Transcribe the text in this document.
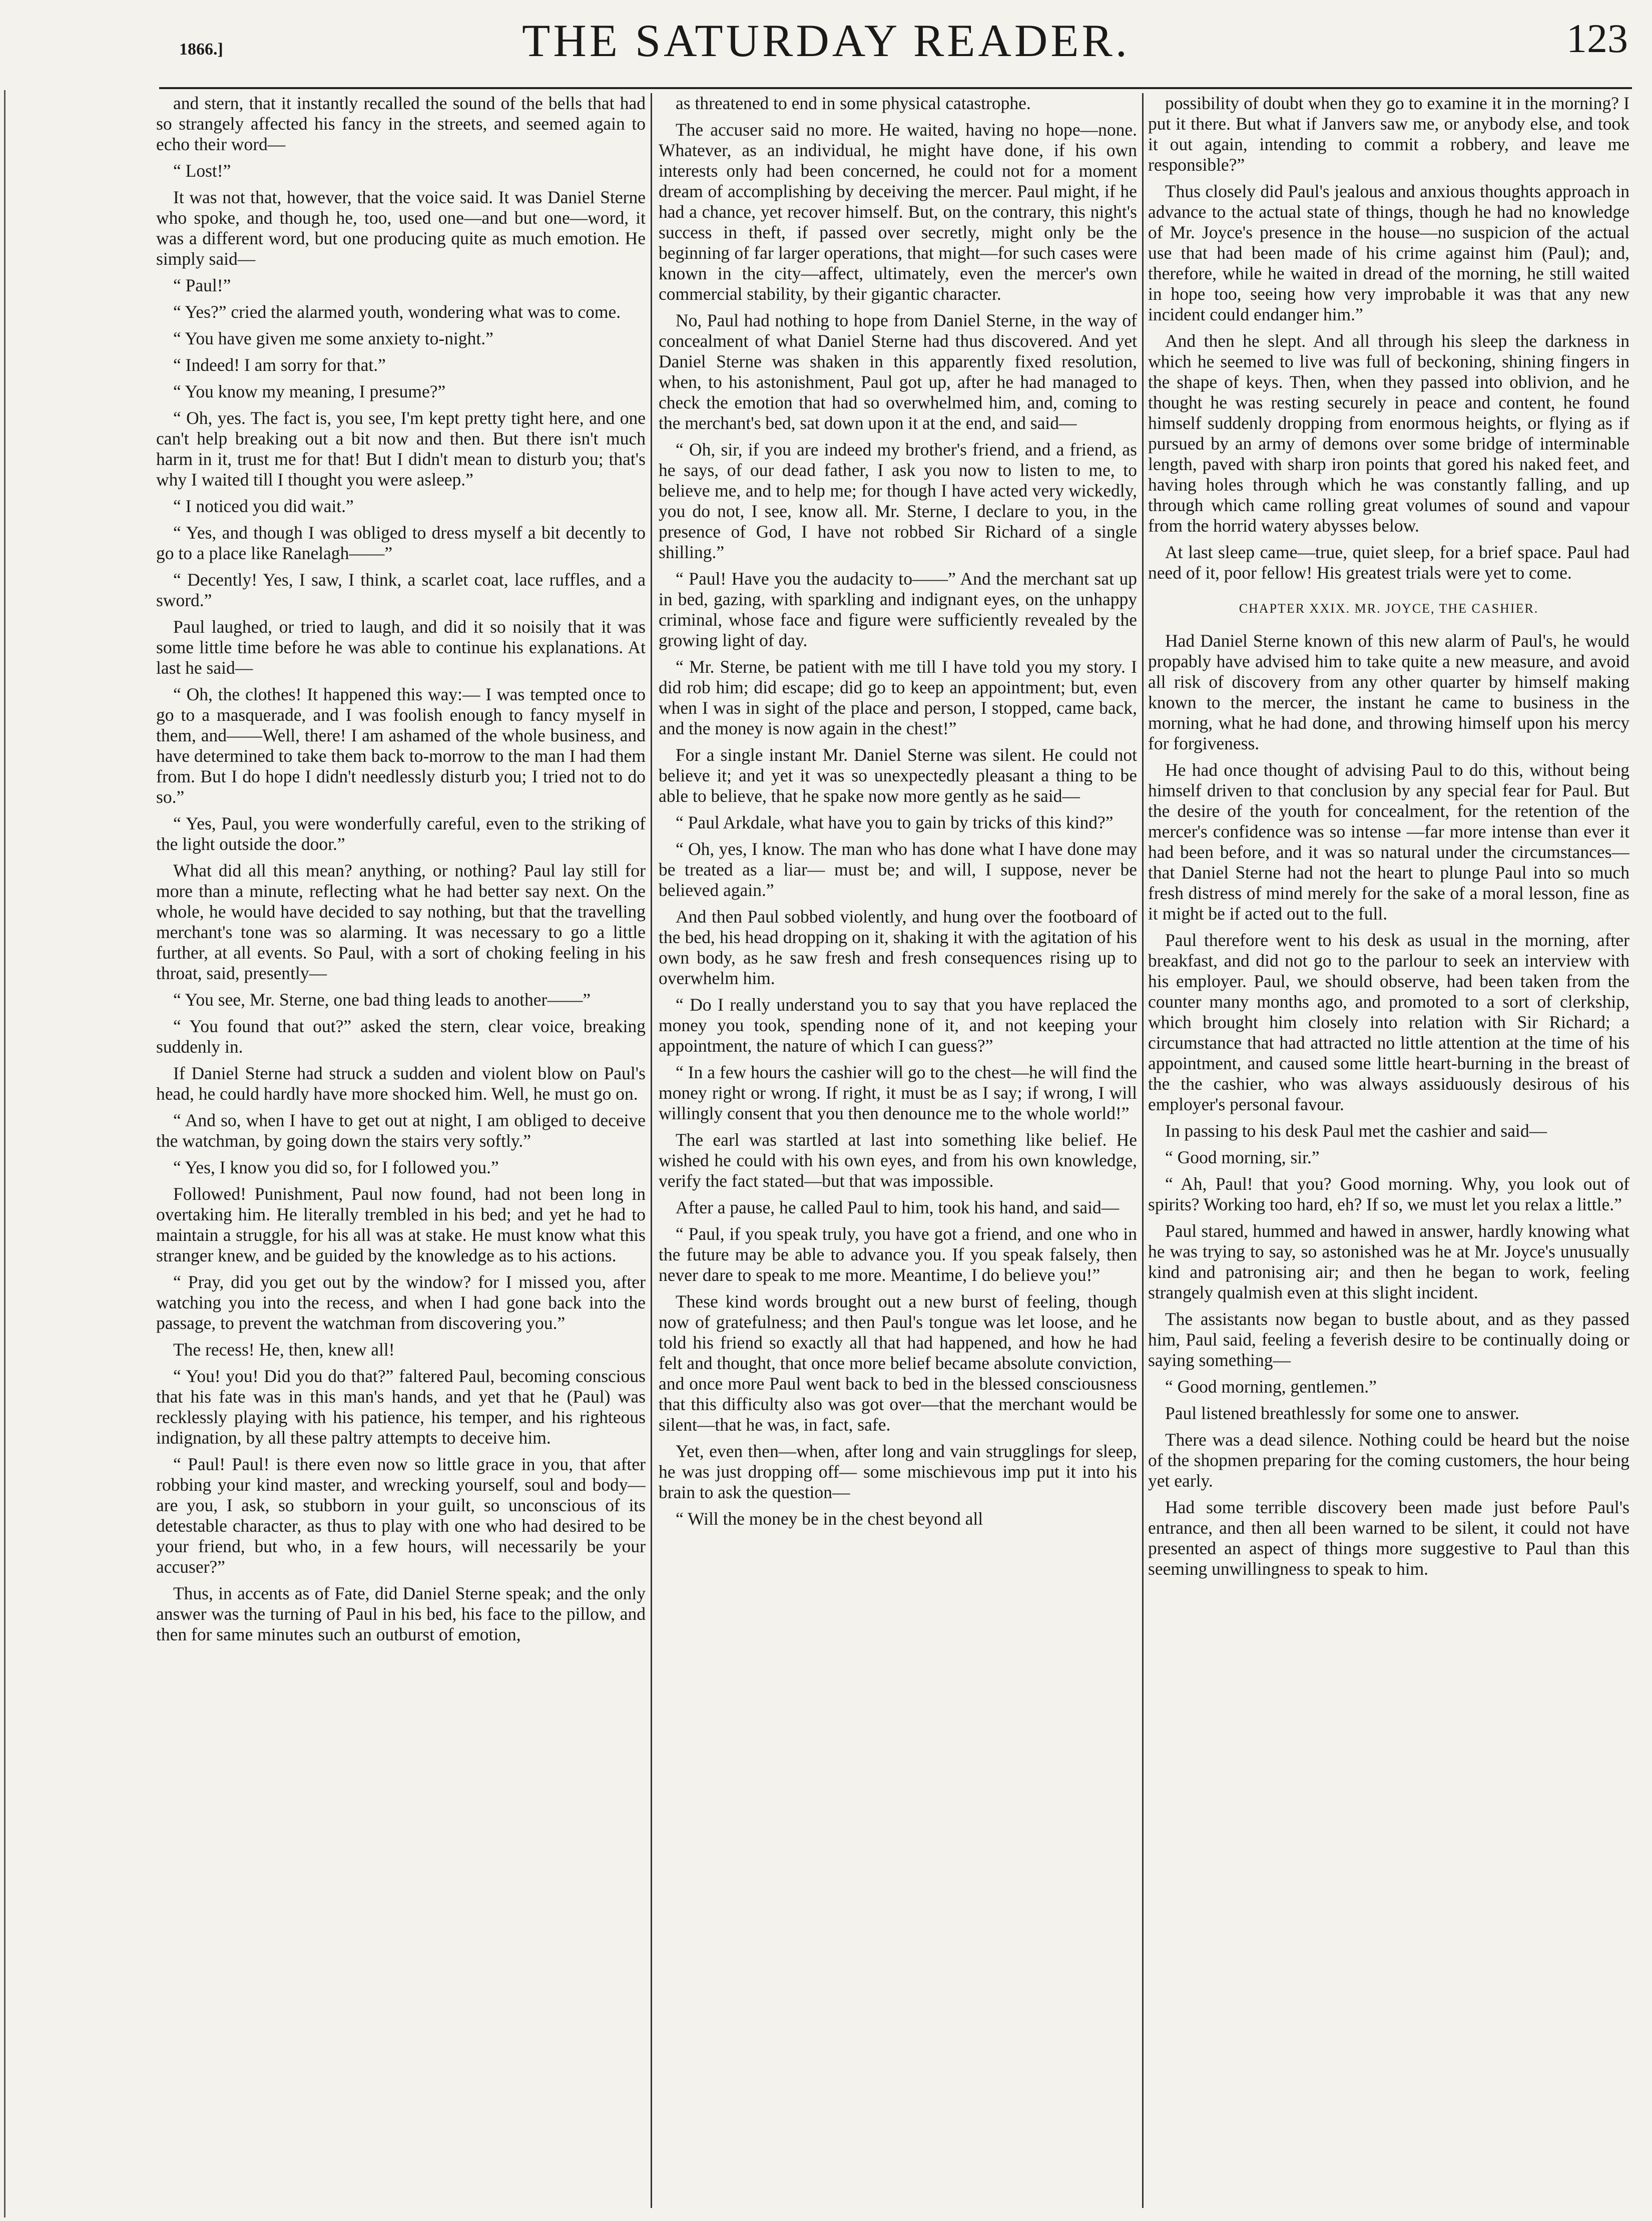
1866.]	THE SATURDAY READER.	123

and stern, that it instantly recalled the sound of the bells that had so strangely affected his fancy in the streets, and seemed again to echo their word—

“ Lost!”

It was not that, however, that the voice said. It was Daniel Sterne who spoke, and though he, too, used one—and but one—word, it was a different word, but one producing quite as much emotion. He simply said—

“ Paul!”

“ Yes?” cried the alarmed youth, wondering what was to come.

“ You have given me some anxiety to-night.”

“ Indeed! I am sorry for that.”

“ You know my meaning, I presume?”

“ Oh, yes. The fact is, you see, I'm kept pretty tight here, and one can't help breaking out a bit now and then. But there isn't much harm in it, trust me for that! But I didn't mean to disturb you; that's why I waited till I thought you were asleep.”

“ I noticed you did wait.”

“ Yes, and though I was obliged to dress myself a bit decently to go to a place like Ranelagh——”

“ Decently! Yes, I saw, I think, a scarlet coat, lace ruffles, and a sword.”

Paul laughed, or tried to laugh, and did it so noisily that it was some little time before he was able to continue his explanations. At last he said—

“ Oh, the clothes! It happened this way:— I was tempted once to go to a masquerade, and I was foolish enough to fancy myself in them, and——Well, there! I am ashamed of the whole business, and have determined to take them back to-morrow to the man I had them from. But I do hope I didn't needlessly disturb you; I tried not to do so.”

“ Yes, Paul, you were wonderfully careful, even to the striking of the light outside the door.”

What did all this mean? anything, or nothing? Paul lay still for more than a minute, reflecting what he had better say next. On the whole, he would have decided to say nothing, but that the travelling merchant's tone was so alarming. It was necessary to go a little further, at all events. So Paul, with a sort of choking feeling in his throat, said, presently—

“ You see, Mr. Sterne, one bad thing leads to another——”

“ You found that out?” asked the stern, clear voice, breaking suddenly in.

If Daniel Sterne had struck a sudden and violent blow on Paul's head, he could hardly have more shocked him. Well, he must go on.

“ And so, when I have to get out at night, I am obliged to deceive the watchman, by going down the stairs very softly.”

“ Yes, I know you did so, for I followed you.”

Followed! Punishment, Paul now found, had not been long in overtaking him. He literally trembled in his bed; and yet he had to maintain a struggle, for his all was at stake. He must know what this stranger knew, and be guided by the knowledge as to his actions.

“ Pray, did you get out by the window? for I missed you, after watching you into the recess, and when I had gone back into the passage, to prevent the watchman from discovering you.”

The recess! He, then, knew all!

“ You! you! Did you do that?” faltered Paul, becoming conscious that his fate was in this man's hands, and yet that he (Paul) was recklessly playing with his patience, his temper, and his righteous indignation, by all these paltry attempts to deceive him.

“ Paul! Paul! is there even now so little grace in you, that after robbing your kind master, and wrecking yourself, soul and body— are you, I ask, so stubborn in your guilt, so unconscious of its detestable character, as thus to play with one who had desired to be your friend, but who, in a few hours, will necessarily be your accuser?”

Thus, in accents as of Fate, did Daniel Sterne speak; and the only answer was the turning of Paul in his bed, his face to the pillow, and then for same minutes such an outburst of emotion,

as threatened to end in some physical catastrophe.

The accuser said no more. He waited, having no hope—none. Whatever, as an individual, he might have done, if his own interests only had been concerned, he could not for a moment dream of accomplishing by deceiving the mercer. Paul might, if he had a chance, yet recover himself. But, on the contrary, this night's success in theft, if passed over secretly, might only be the beginning of far larger operations, that might—for such cases were known in the city—affect, ultimately, even the mercer's own commercial stability, by their gigantic character.

No, Paul had nothing to hope from Daniel Sterne, in the way of concealment of what Daniel Sterne had thus discovered. And yet Daniel Sterne was shaken in this apparently fixed resolution, when, to his astonishment, Paul got up, after he had managed to check the emotion that had so overwhelmed him, and, coming to the merchant's bed, sat down upon it at the end, and said—

“ Oh, sir, if you are indeed my brother's friend, and a friend, as he says, of our dead father, I ask you now to listen to me, to believe me, and to help me; for though I have acted very wickedly, you do not, I see, know all. Mr. Sterne, I declare to you, in the presence of God, I have not robbed Sir Richard of a single shilling.”

“ Paul! Have you the audacity to——” And the merchant sat up in bed, gazing, with sparkling and indignant eyes, on the unhappy criminal, whose face and figure were sufficiently revealed by the growing light of day.

“ Mr. Sterne, be patient with me till I have told you my story. I did rob him; did escape; did go to keep an appointment; but, even when I was in sight of the place and person, I stopped, came back, and the money is now again in the chest!”

For a single instant Mr. Daniel Sterne was silent. He could not believe it; and yet it was so unexpectedly pleasant a thing to be able to believe, that he spake now more gently as he said—

“ Paul Arkdale, what have you to gain by tricks of this kind?”

“ Oh, yes, I know. The man who has done what I have done may be treated as a liar— must be; and will, I suppose, never be believed again.”

And then Paul sobbed violently, and hung over the footboard of the bed, his head dropping on it, shaking it with the agitation of his own body, as he saw fresh and fresh consequences rising up to overwhelm him.

“ Do I really understand you to say that you have replaced the money you took, spending none of it, and not keeping your appointment, the nature of which I can guess?”

“ In a few hours the cashier will go to the chest—he will find the money right or wrong. If right, it must be as I say; if wrong, I will willingly consent that you then denounce me to the whole world!”

The earl was startled at last into something like belief. He wished he could with his own eyes, and from his own knowledge, verify the fact stated—but that was impossible.

After a pause, he called Paul to him, took his hand, and said—

“ Paul, if you speak truly, you have got a friend, and one who in the future may be able to advance you. If you speak falsely, then never dare to speak to me more. Meantime, I do believe you!”

These kind words brought out a new burst of feeling, though now of gratefulness; and then Paul's tongue was let loose, and he told his friend so exactly all that had happened, and how he had felt and thought, that once more belief became absolute conviction, and once more Paul went back to bed in the blessed consciousness that this difficulty also was got over—that the merchant would be silent—that he was, in fact, safe.

Yet, even then—when, after long and vain strugglings for sleep, he was just dropping off— some mischievous imp put it into his brain to ask the question—

“ Will the money be in the chest beyond all

possibility of doubt when they go to examine it in the morning? I put it there. But what if Janvers saw me, or anybody else, and took it out again, intending to commit a robbery, and leave me responsible?”

Thus closely did Paul's jealous and anxious thoughts approach in advance to the actual state of things, though he had no knowledge of Mr. Joyce's presence in the house—no suspicion of the actual use that had been made of his crime against him (Paul); and, therefore, while he waited in dread of the morning, he still waited in hope too, seeing how very improbable it was that any new incident could endanger him.”

And then he slept. And all through his sleep the darkness in which he seemed to live was full of beckoning, shining fingers in the shape of keys. Then, when they passed into oblivion, and he thought he was resting securely in peace and content, he found himself suddenly dropping from enormous heights, or flying as if pursued by an army of demons over some bridge of interminable length, paved with sharp iron points that gored his naked feet, and having holes through which he was constantly falling, and up through which came rolling great volumes of sound and vapour from the horrid watery abysses below.

At last sleep came—true, quiet sleep, for a brief space. Paul had need of it, poor fellow! His greatest trials were yet to come.

CHAPTER XXIX. MR. JOYCE, THE CASHIER.

Had Daniel Sterne known of this new alarm of Paul's, he would propably have advised him to take quite a new measure, and avoid all risk of discovery from any other quarter by himself making known to the mercer, the instant he came to business in the morning, what he had done, and throwing himself upon his mercy for forgiveness.

He had once thought of advising Paul to do this, without being himself driven to that conclusion by any special fear for Paul. But the desire of the youth for concealment, for the retention of the mercer's confidence was so intense —far more intense than ever it had been before, and it was so natural under the circumstances— that Daniel Sterne had not the heart to plunge Paul into so much fresh distress of mind merely for the sake of a moral lesson, fine as it might be if acted out to the full.

Paul therefore went to his desk as usual in the morning, after breakfast, and did not go to the parlour to seek an interview with his employer. Paul, we should observe, had been taken from the counter many months ago, and promoted to a sort of clerkship, which brought him closely into relation with Sir Richard; a circumstance that had attracted no little attention at the time of his appointment, and caused some little heart-burning in the breast of the the cashier, who was always assiduously desirous of his employer's personal favour.

In passing to his desk Paul met the cashier and said—

“ Good morning, sir.”

“ Ah, Paul! that you? Good morning. Why, you look out of spirits? Working too hard, eh? If so, we must let you relax a little.”

Paul stared, hummed and hawed in answer, hardly knowing what he was trying to say, so astonished was he at Mr. Joyce's unusually kind and patronising air; and then he began to work, feeling strangely qualmish even at this slight incident.

The assistants now began to bustle about, and as they passed him, Paul said, feeling a feverish desire to be continually doing or saying something—

“ Good morning, gentlemen.”

Paul listened breathlessly for some one to answer.

There was a dead silence. Nothing could be heard but the noise of the shopmen preparing for the coming customers, the hour being yet early.

Had some terrible discovery been made just before Paul's entrance, and then all been warned to be silent, it could not have presented an aspect of things more suggestive to Paul than this seeming unwillingness to speak to him.
